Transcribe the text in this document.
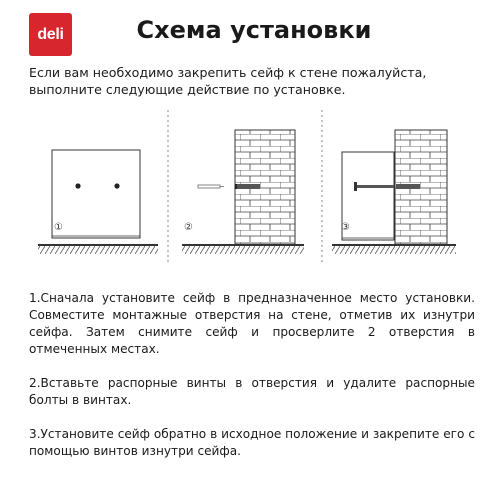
deli	Схема установки
Если вам необходимо закрепить сейф к стене пожалуйста, выполните следующие действие по установке.
①	②	③

1.Сначала установите сейф в предназначенное место установки. Совместите монтажные отверстия на стене, отметив их изнутри сейфа. Затем снимите сейф и просверлите 2 отверстия в отмеченных местах.

2.Вставьте распорные винты в отверстия и удалите распорные болты в винтах.

3.Установите сейф обратно в исходное положение и закрепите его с помощью винтов изнутри сейфа.
